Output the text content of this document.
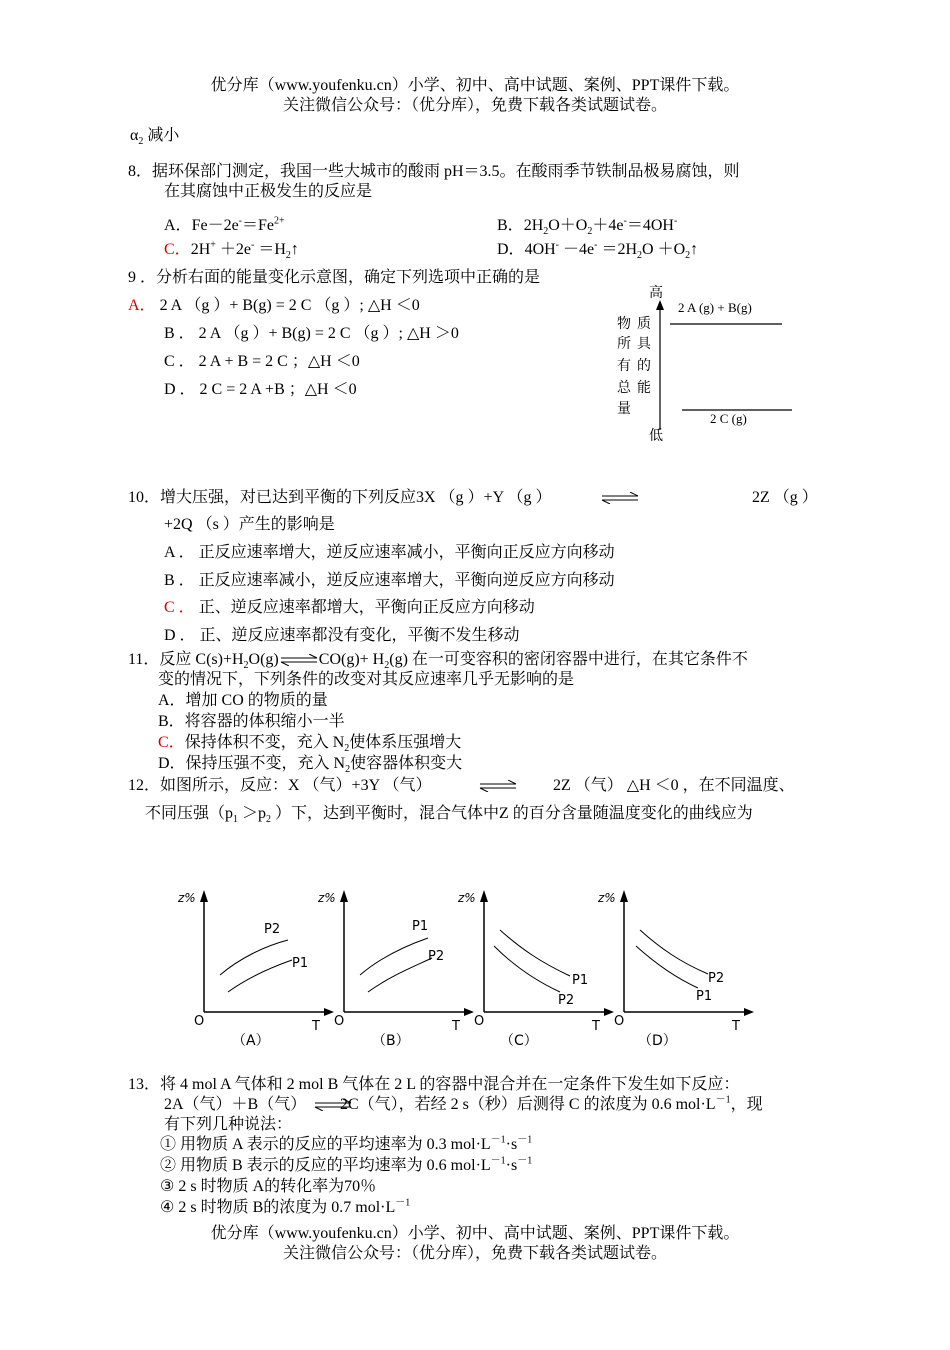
优分库（www.youfenku.cn）小学、初中、高中试题、案例、PPT课件下载。
关注微信公众号：（优分库），免费下载各类试题试卷。
$\alpha_2$ 减小
8．据环保部门测定，我国一些大城市的酸雨 pH＝3.5。在酸雨季节铁制品极易腐蚀，则
在其腐蚀中正极发生的反应是
A．$Fe-2e^-=Fe^{2+}$	B．$2H_2O+O_2+4e^-=4OH^-$
C．$2H^+ +2e^- =H_2↑$	D．$4OH^- -4e^- =2H_2O$ $+O_2↑$
9 ．分析右面的能量变化示意图，确定下列选项中正确的是
A． 2 A （g ）+ B(g) = 2 C （g ）; △H ＜0
B ． 2 A （g ）+ B(g) = 2 C （g ）; △H ＞0
C ． 2 A + B = 2 C ；△H ＜0
D ． 2 C = 2 A +B ；△H ＜0
高
低
物
所
有
总
量
质
具
的
能
2 A (g) + B(g)
2 C (g)
10．增大压强，对已达到平衡的下列反应3X （g ）+Y （g ）	2Z （g ）
+2Q （s ）产生的影响是
A ． 正反应速率增大，逆反应速率减小，平衡向正反应方向移动
B ． 正反应速率减小，逆反应速率增大，平衡向逆反应方向移动
C ． 正、逆反应速率都增大，平衡向正反应方向移动
D ． 正、逆反应速率都没有变化，平衡不发生移动
11．反应 $C(s)+H_2O(g)\rightleftharpoons CO(g)+ H_2(g)$ 在一可变容积的密闭容器中进行，在其它条件不
变的情况下，下列条件的改变对其反应速率几乎无影响的是
A．增加 CO 的物质的量
B．将容器的体积缩小一半
C．保持体积不变，充入 $N_2$使体系压强增大
D．保持压强不变，充入 $N_2$使容器体积变大
12．如图所示，反应：X （气）+3Y （气）	2Z （气） △H ＜0 ，在不同温度、
不同压强（$p_1 >p_2$ ）下，达到平衡时，混合气体中Z 的百分含量随温度变化的曲线应为
z%
O	T
P2
P1
（A）
z%
O	T
P1
P2
（B）
z%
O	T
P1
P2
（C）
z%
O	T
P2
P1
（D）
13．将 4 mol A 气体和 2 mol B 气体在 2 L 的容器中混合并在一定条件下发生如下反应：
2A（气）＋B（气） ⇌
2C（气），若经 2 s（秒）后测得 C 的浓度为 0.6 $mol\cdot L^{-1}$，现
有下列几种说法：
① 用物质 A 表示的反应的平均速率为 0.3 $mol\cdot L^{-1}\cdot s^{-1}$
② 用物质 B 表示的反应的平均速率为 0.6 $mol\cdot L^{-1}\cdot s^{-1}$
③ 2 s 时物质 A的转化率为70％
④ 2 s 时物质 B的浓度为 0.7 $mol\cdot L^{-1}$
优分库（www.youfenku.cn）小学、初中、高中试题、案例、PPT课件下载。
关注微信公众号：（优分库），免费下载各类试题试卷。
